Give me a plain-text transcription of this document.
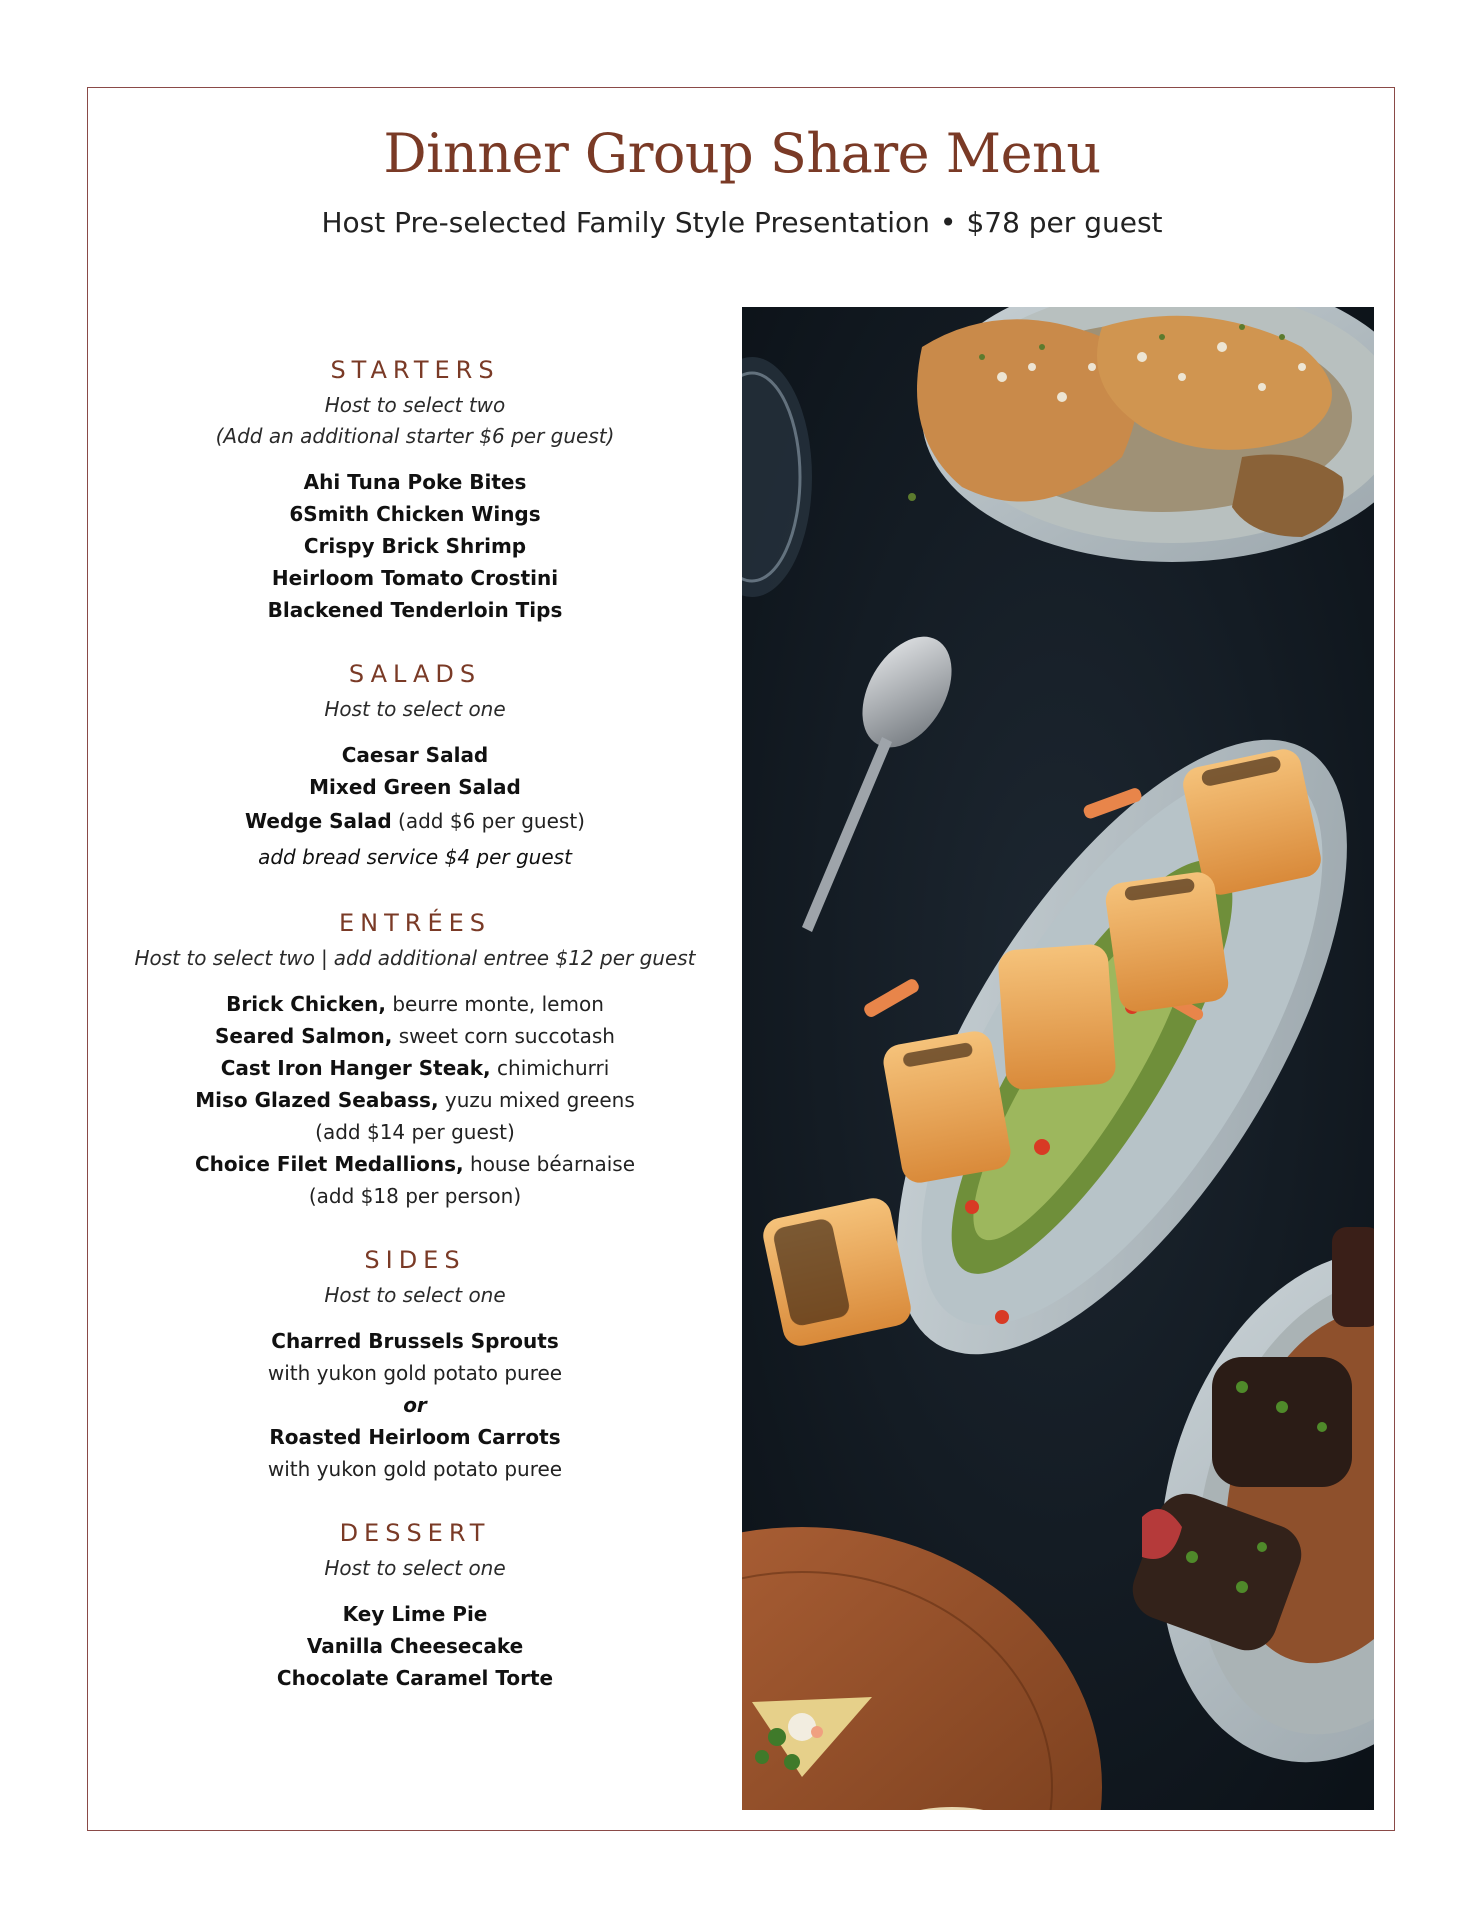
Dinner Group Share Menu
Host Pre-selected Family Style Presentation • $78 per guest
STARTERS
Host to select two
(Add an additional starter $6 per guest)
Ahi Tuna Poke Bites
6Smith Chicken Wings
Crispy Brick Shrimp
Heirloom Tomato Crostini
Blackened Tenderloin Tips
SALADS
Host to select one
Caesar Salad
Mixed Green Salad
Wedge Salad (add $6 per guest)
add bread service $4 per guest
ENTRÉES
Host to select two | add additional entree $12 per guest
Brick Chicken, beurre monte, lemon
Seared Salmon, sweet corn succotash
Cast Iron Hanger Steak, chimichurri
Miso Glazed Seabass, yuzu mixed greens
(add $14 per guest)
Choice Filet Medallions, house béarnaise
(add $18 per person)
SIDES
Host to select one
Charred Brussels Sprouts
with yukon gold potato puree
or
Roasted Heirloom Carrots
with yukon gold potato puree
DESSERT
Host to select one
Key Lime Pie
Vanilla Cheesecake
Chocolate Caramel Torte
